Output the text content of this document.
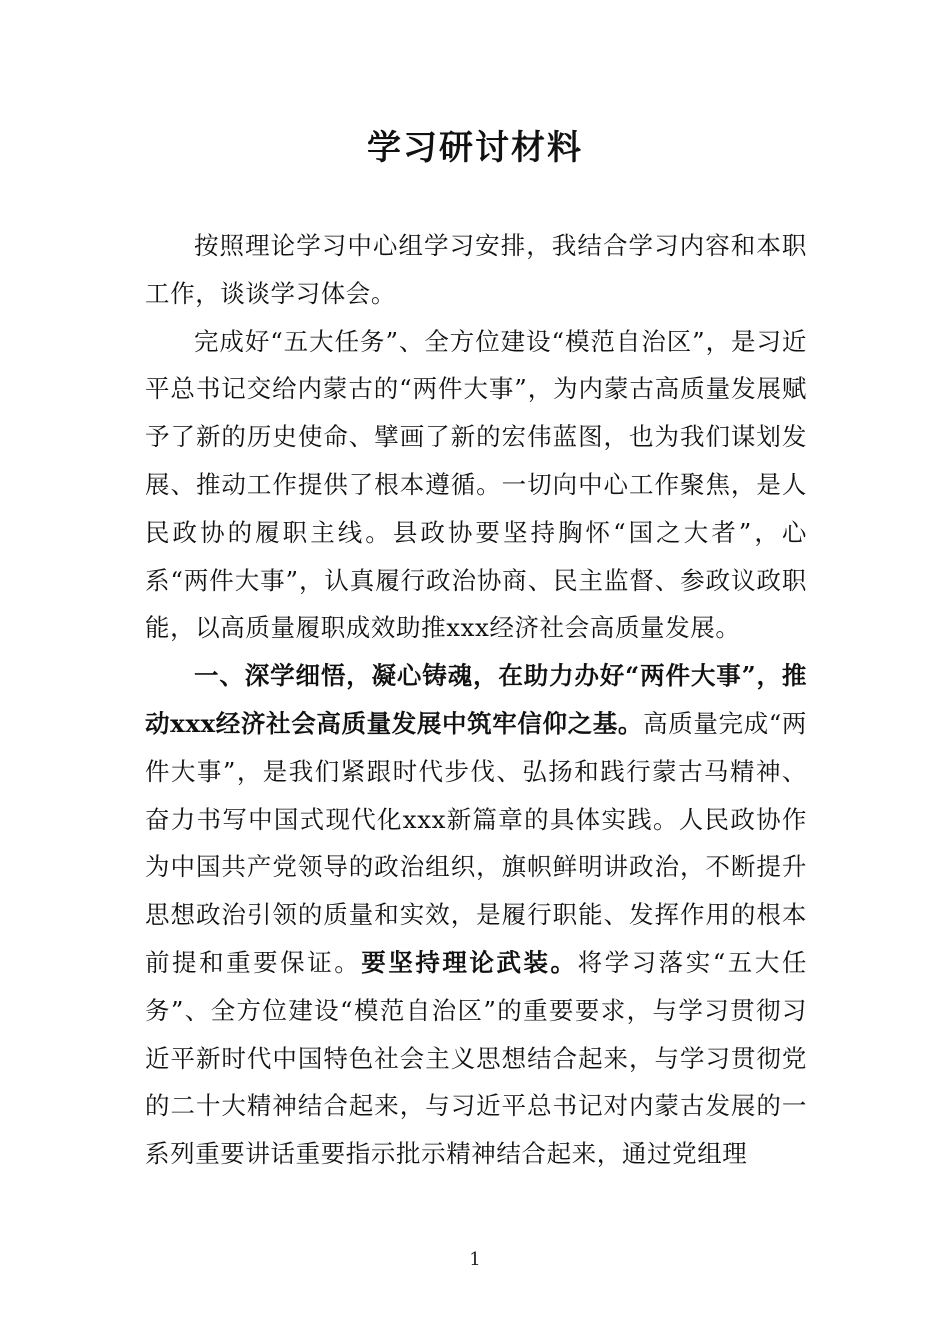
学习研讨材料

按照理论学习中心组学习安排，我结合学习内容和本职工作，谈谈学习体会。

完成好“五大任务”、全方位建设“模范自治区”，是习近平总书记交给内蒙古的“两件大事”，为内蒙古高质量发展赋予了新的历史使命、擘画了新的宏伟蓝图，也为我们谋划发展、推动工作提供了根本遵循。一切向中心工作聚焦，是人民政协的履职主线。县政协要坚持胸怀“国之大者”，心系“两件大事”，认真履行政治协商、民主监督、参政议政职能，以高质量履职成效助推xxx经济社会高质量发展。

一、深学细悟，凝心铸魂，在助力办好“两件大事”，推动xxx经济社会高质量发展中筑牢信仰之基。高质量完成“两件大事”，是我们紧跟时代步伐、弘扬和践行蒙古马精神、奋力书写中国式现代化xxx新篇章的具体实践。人民政协作为中国共产党领导的政治组织，旗帜鲜明讲政治，不断提升思想政治引领的质量和实效，是履行职能、发挥作用的根本前提和重要保证。要坚持理论武装。将学习落实“五大任务”、全方位建设“模范自治区”的重要要求，与学习贯彻习近平新时代中国特色社会主义思想结合起来，与学习贯彻党的二十大精神结合起来，与习近平总书记对内蒙古发展的一系列重要讲话重要指示批示精神结合起来，通过党组理

1
